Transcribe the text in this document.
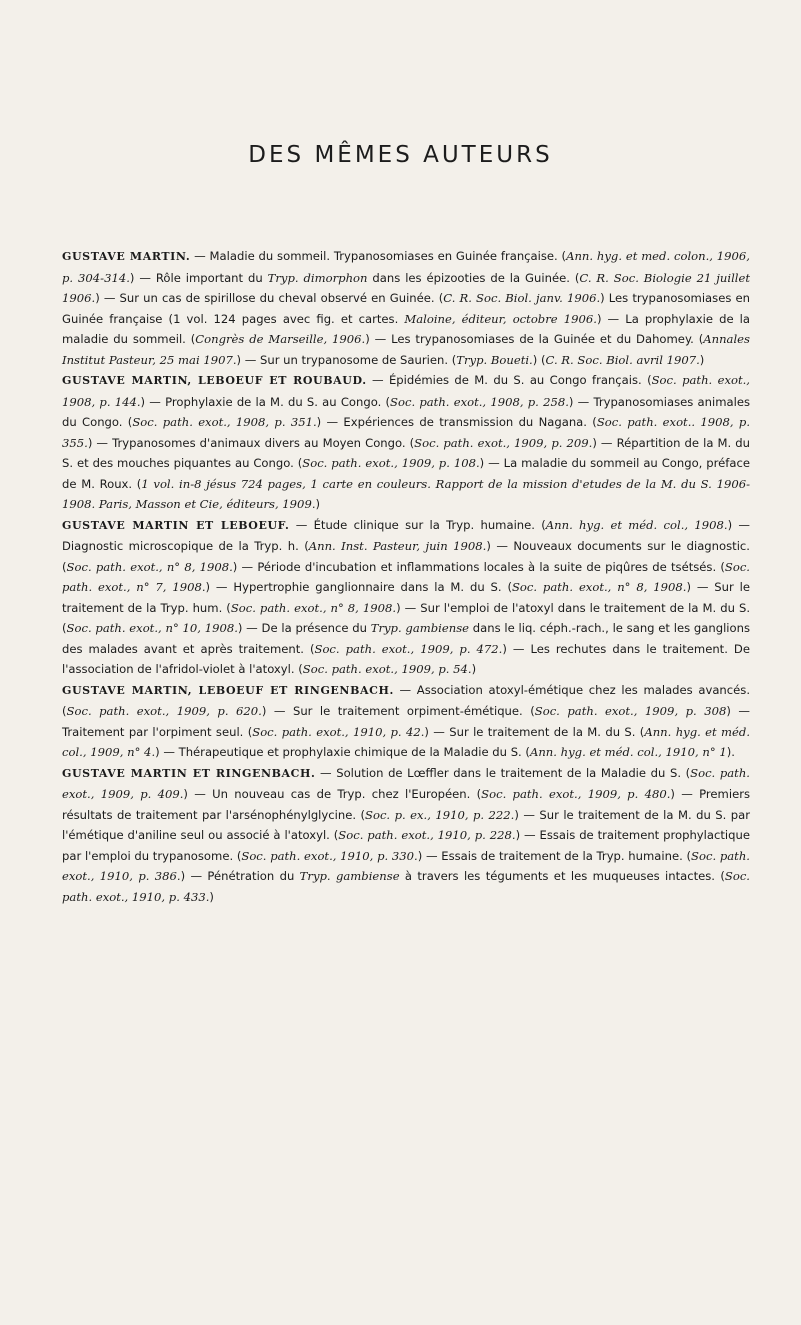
DES MÊMES AUTEURS

GUSTAVE MARTIN. — Maladie du sommeil. Trypanosomiases en Guinée française. (Ann. hyg. et med. colon., 1906, p. 304-314.) — Rôle important du Tryp. dimorphon dans les épizooties de la Guinée. (C. R. Soc. Biologie 21 juillet 1906.) — Sur un cas de spirillose du cheval observé en Guinée. (C. R. Soc. Biol. janv. 1906.) Les trypanosomiases en Guinée française (1 vol. 124 pages avec fig. et cartes. Maloine, éditeur, octobre 1906.) — La prophylaxie de la maladie du sommeil. (Congrès de Marseille, 1906.) — Les trypanosomiases de la Guinée et du Dahomey. (Annales Institut Pasteur, 25 mai 1907.) — Sur un trypanosome de Saurien. (Tryp. Boueti.) (C. R. Soc. Biol. avril 1907.)

GUSTAVE MARTIN, LEBOEUF ET ROUBAUD. — Épidémies de M. du S. au Congo français. (Soc. path. exot., 1908, p. 144.) — Prophylaxie de la M. du S. au Congo. (Soc. path. exot., 1908, p. 258.) — Trypanosomiases animales du Congo. (Soc. path. exot., 1908, p. 351.) — Expériences de transmission du Nagana. (Soc. path. exot.. 1908, p. 355.) — Trypanosomes d'animaux divers au Moyen Congo. (Soc. path. exot., 1909, p. 209.) — Répartition de la M. du S. et des mouches piquantes au Congo. (Soc. path. exot., 1909, p. 108.) — La maladie du sommeil au Congo, préface de M. Roux. (1 vol. in-8 jésus 724 pages, 1 carte en couleurs. Rapport de la mission d'etudes de la M. du S. 1906-1908. Paris, Masson et Cie, éditeurs, 1909.)

GUSTAVE MARTIN ET LEBOEUF. — Étude clinique sur la Tryp. humaine. (Ann. hyg. et méd. col., 1908.) — Diagnostic microscopique de la Tryp. h. (Ann. Inst. Pasteur, juin 1908.) — Nouveaux documents sur le diagnostic. (Soc. path. exot., n° 8, 1908.) — Période d'incubation et inflammations locales à la suite de piqûres de tsétsés. (Soc. path. exot., n° 7, 1908.) — Hypertrophie ganglionnaire dans la M. du S. (Soc. path. exot., n° 8, 1908.) — Sur le traitement de la Tryp. hum. (Soc. path. exot., n° 8, 1908.) — Sur l'emploi de l'atoxyl dans le traitement de la M. du S. (Soc. path. exot., n° 10, 1908.) — De la présence du Tryp. gambiense dans le liq. céph.-rach., le sang et les ganglions des malades avant et après traitement. (Soc. path. exot., 1909, p. 472.) — Les rechutes dans le traitement. De l'association de l'afridol-violet à l'atoxyl. (Soc. path. exot., 1909, p. 54.)

GUSTAVE MARTIN, LEBOEUF ET RINGENBACH. — Association atoxyl-émétique chez les malades avancés. (Soc. path. exot., 1909, p. 620.) — Sur le traitement orpiment-émétique. (Soc. path. exot., 1909, p. 308) — Traitement par l'orpiment seul. (Soc. path. exot., 1910, p. 42.) — Sur le traitement de la M. du S. (Ann. hyg. et méd. col., 1909, n° 4.) — Thérapeutique et prophylaxie chimique de la Maladie du S. (Ann. hyg. et méd. col., 1910, n° 1).

GUSTAVE MARTIN ET RINGENBACH. — Solution de Lœffler dans le traitement de la Maladie du S. (Soc. path. exot., 1909, p. 409.) — Un nouveau cas de Tryp. chez l'Européen. (Soc. path. exot., 1909, p. 480.) — Premiers résultats de traitement par l'arsénophénylglycine. (Soc. p. ex., 1910, p. 222.) — Sur le traitement de la M. du S. par l'émétique d'aniline seul ou associé à l'atoxyl. (Soc. path. exot., 1910, p. 228.) — Essais de traitement prophylactique par l'emploi du trypanosome. (Soc. path. exot., 1910, p. 330.) — Essais de traitement de la Tryp. humaine. (Soc. path. exot., 1910, p. 386.) — Pénétration du Tryp. gambiense à travers les téguments et les muqueuses intactes. (Soc. path. exot., 1910, p. 433.)
